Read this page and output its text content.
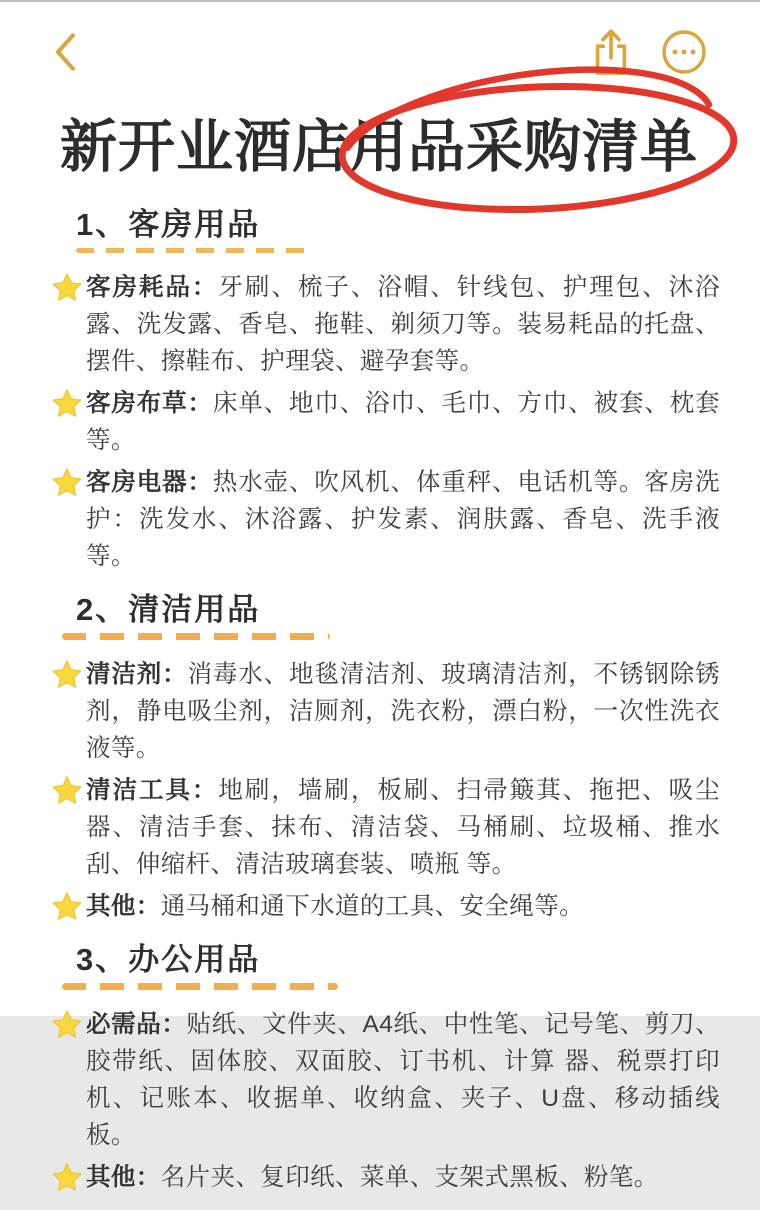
新开业酒店用品采购清单
1、客房用品

客房耗品：牙刷、梳子、浴帽、针线包、护理包、沐浴露、洗发露、香皂、拖鞋、剃须刀等。装易耗品的托盘、摆件、擦鞋布、护理袋、避孕套等。

客房布草：床单、地巾、浴巾、毛巾、方巾、被套、枕套等。

客房电器：热水壶、吹风机、体重秤、电话机等。客房洗护：洗发水、沐浴露、护发素、润肤露、香皂、洗手液等。

2、清洁用品

清洁剂：消毒水、地毯清洁剂、玻璃清洁剂，不锈钢除锈剂，静电吸尘剂，洁厕剂，洗衣粉，漂白粉，一次性洗衣液等。

清洁工具：地刷，墙刷，板刷、扫帚簸萁、拖把、吸尘器、清洁手套、抹布、清洁袋、马桶刷、垃圾桶、推水刮、伸缩杆、清洁玻璃套装、喷瓶 等。

其他：通马桶和通下水道的工具、安全绳等。

3、办公用品

必需品：贴纸、文件夹、A4纸、中性笔、记号笔、剪刀、胶带纸、固体胶、双面胶、订书机、计算 器、税票打印机、记账本、收据单、收纳盒、夹子、U盘、移动插线板。

其他：名片夹、复印纸、菜单、支架式黑板、粉笔。
